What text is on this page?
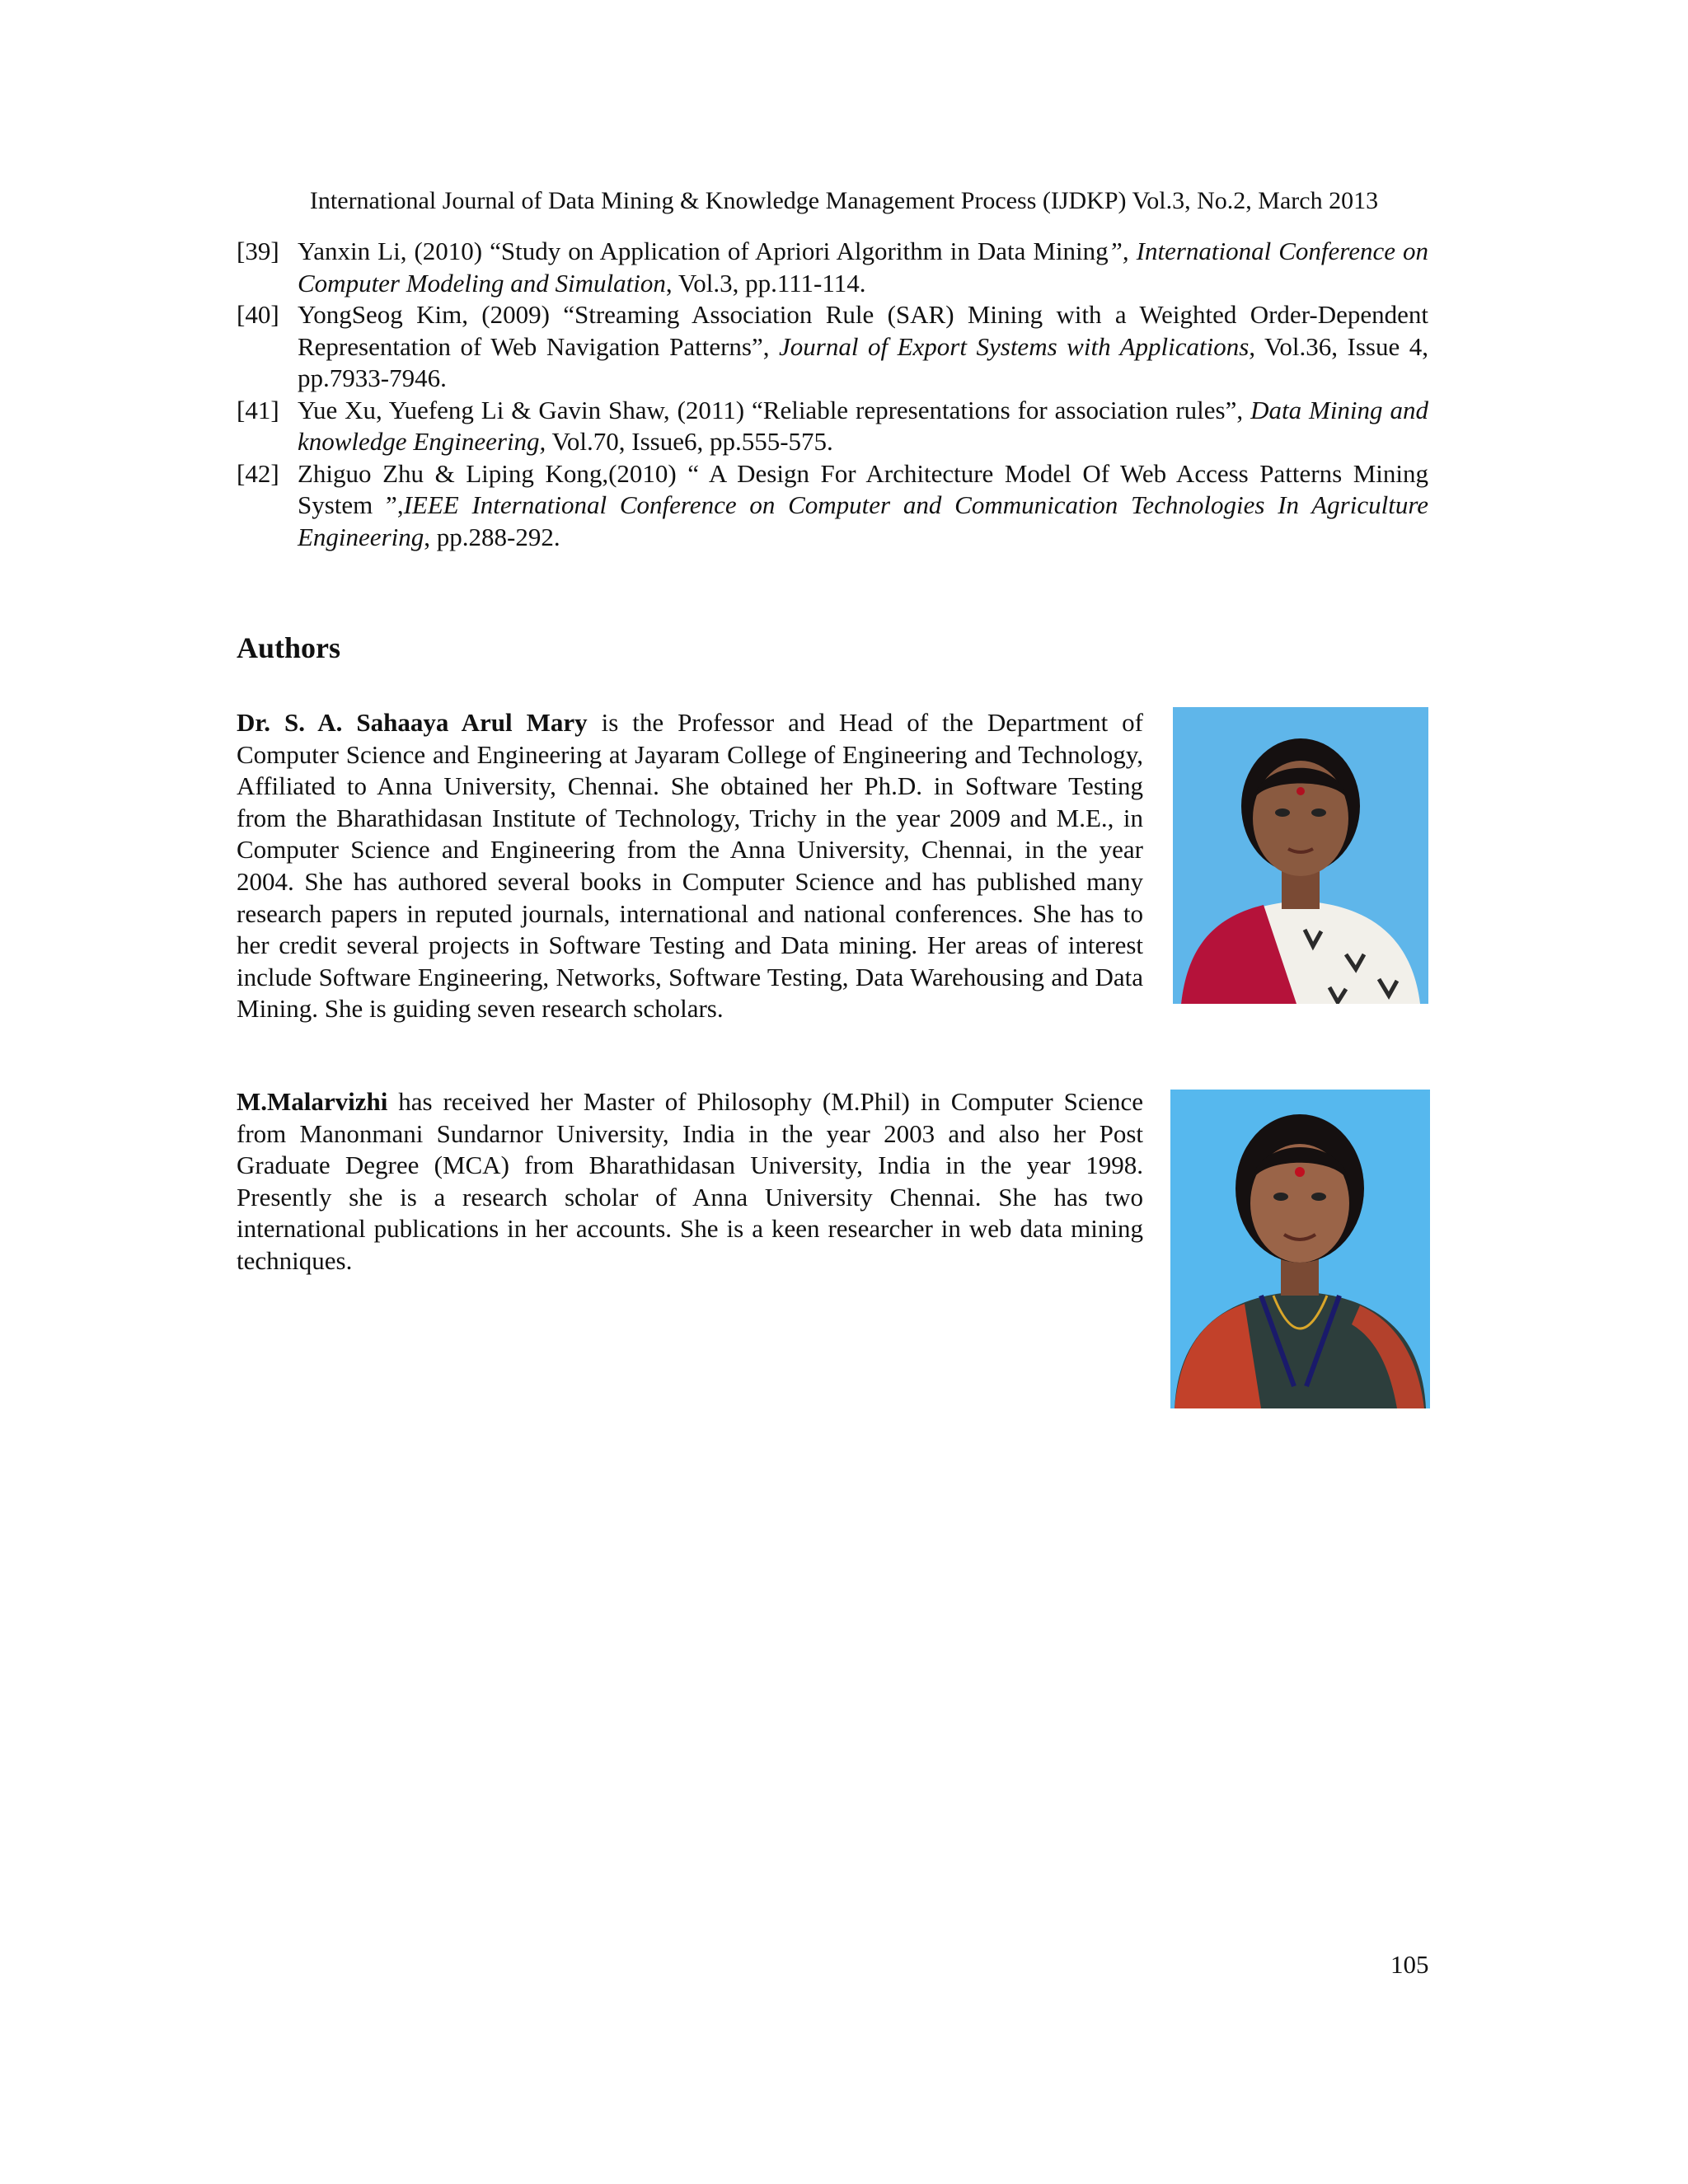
International Journal of Data Mining & Knowledge Management Process (IJDKP) Vol.3, No.2, March 2013
[39] Yanxin Li, (2010) “Study on Application of Apriori Algorithm in Data Mining”, International Conference on Computer Modeling and Simulation, Vol.3, pp.111-114.
[40] YongSeog Kim, (2009) “Streaming Association Rule (SAR) Mining with a Weighted Order-Dependent Representation of Web Navigation Patterns”, Journal of Export Systems with Applications, Vol.36, Issue 4, pp.7933-7946.
[41] Yue Xu, Yuefeng Li & Gavin Shaw, (2011) “Reliable representations for association rules”, Data Mining and knowledge Engineering, Vol.70, Issue6, pp.555-575.
[42] Zhiguo Zhu & Liping Kong,(2010) “ A Design For Architecture Model Of Web Access Patterns Mining System ”,IEEE International Conference on Computer and Communication Technologies In Agriculture Engineering, pp.288-292.
Authors
Dr. S. A. Sahaaya Arul Mary is the Professor and Head of the Department of Computer Science and Engineering at Jayaram College of Engineering and Technology, Affiliated to Anna University, Chennai. She obtained her Ph.D. in Software Testing from the Bharathidasan Institute of Technology, Trichy in the year 2009 and M.E., in Computer Science and Engineering from the Anna University, Chennai, in the year 2004. She has authored several books in Computer Science and has published many research papers in reputed journals, international and national conferences. She has to her credit several projects in Software Testing and Data mining. Her areas of interest include Software Engineering, Networks, Software Testing, Data Warehousing and Data Mining. She is guiding seven research scholars.
M.Malarvizhi has received her Master of Philosophy (M.Phil) in Computer Science from Manonmani Sundarnor University, India in the year 2003 and also her Post Graduate Degree (MCA) from Bharathidasan University, India in the year 1998. Presently she is a research scholar of Anna University Chennai. She has two international publications in her accounts. She is a keen researcher in web data mining techniques.
105
